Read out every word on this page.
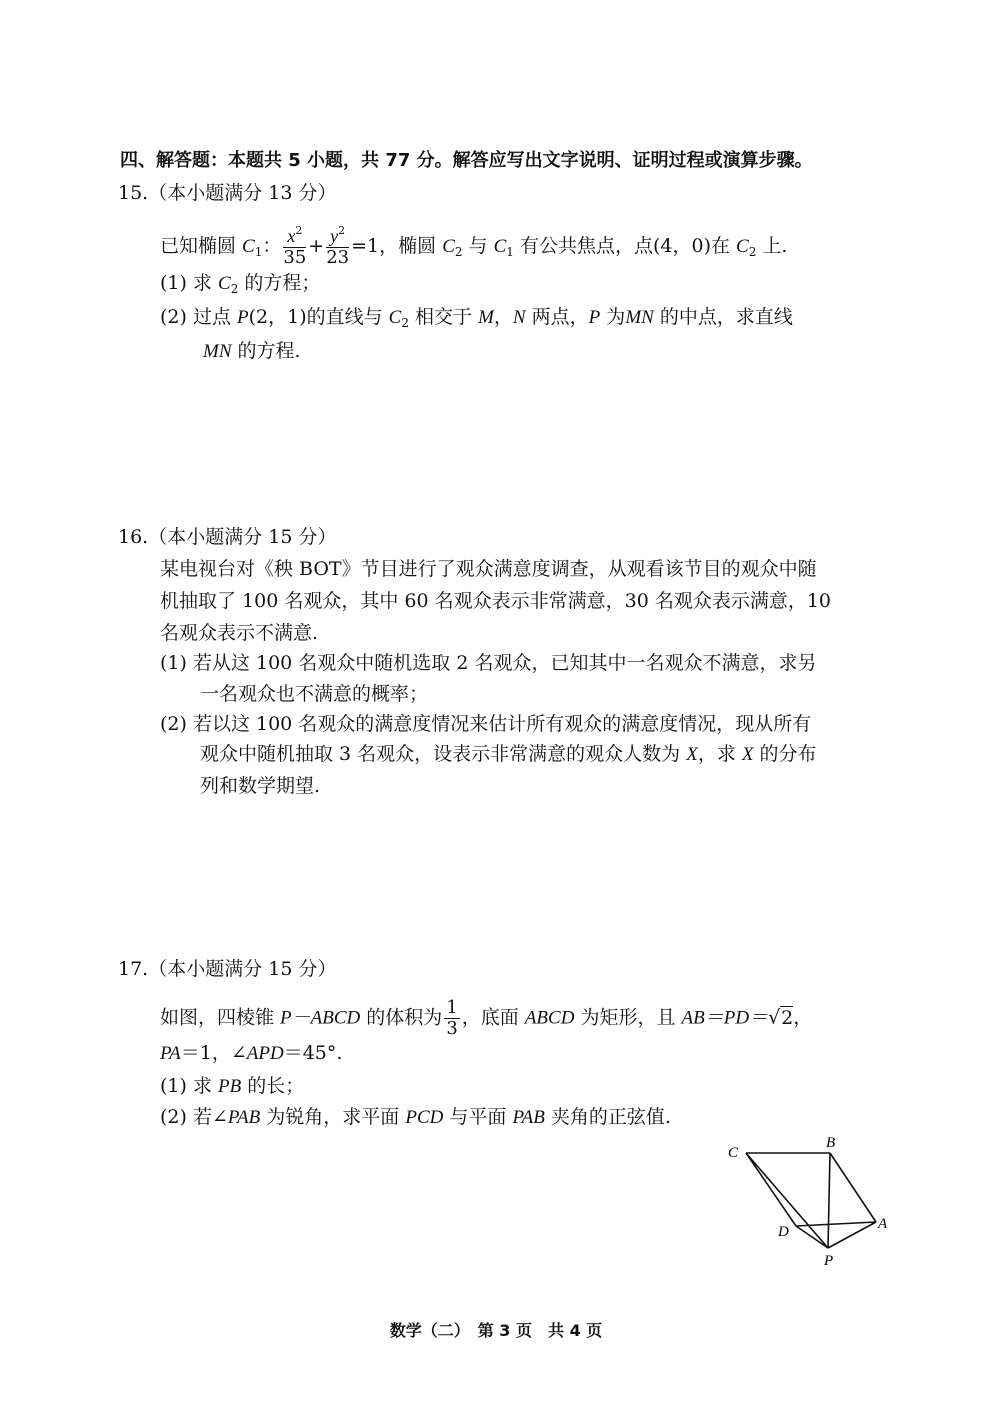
四、解答题：本题共 5 小题，共 77 分。解答应写出文字说明、证明过程或演算步骤。
15.（本小题满分 13 分）
已知椭圆 $C_1$： $\frac{x^2}{35} + \frac{y^2}{23} =1$，椭圆 $C_2$ 与 $C_1$ 有公共焦点，点(4，0)在 $C_2$ 上.
(1) 求 $C_2$ 的方程；
(2) 过点 P(2，1)的直线与 $C_2$ 相交于 M，N 两点，P 为MN 的中点，求直线
MN 的方程.
16.（本小题满分 15 分）
某电视台对《秧 BOT》节目进行了观众满意度调查，从观看该节目的观众中随
机抽取了 100 名观众，其中 60 名观众表示非常满意，30 名观众表示满意，10
名观众表示不满意.
(1) 若从这 100 名观众中随机选取 2 名观众，已知其中一名观众不满意，求另
一名观众也不满意的概率；
(2) 若以这 100 名观众的满意度情况来估计所有观众的满意度情况，现从所有
观众中随机抽取 3 名观众，设表示非常满意的观众人数为 X，求 X 的分布
列和数学期望.
17.（本小题满分 15 分）
如图，四棱锥 P－ABCD 的体积为 $\frac{1}{3}$ ，底面 ABCD 为矩形，且 AB＝PD＝√2，
PA＝1，∠APD＝45°.
(1) 求 PB 的长；
(2) 若∠PAB 为锐角，求平面 PCD 与平面 PAB 夹角的正弦值.
C
B
D	A
P
数学（二）　第 3 页　共 4 页
